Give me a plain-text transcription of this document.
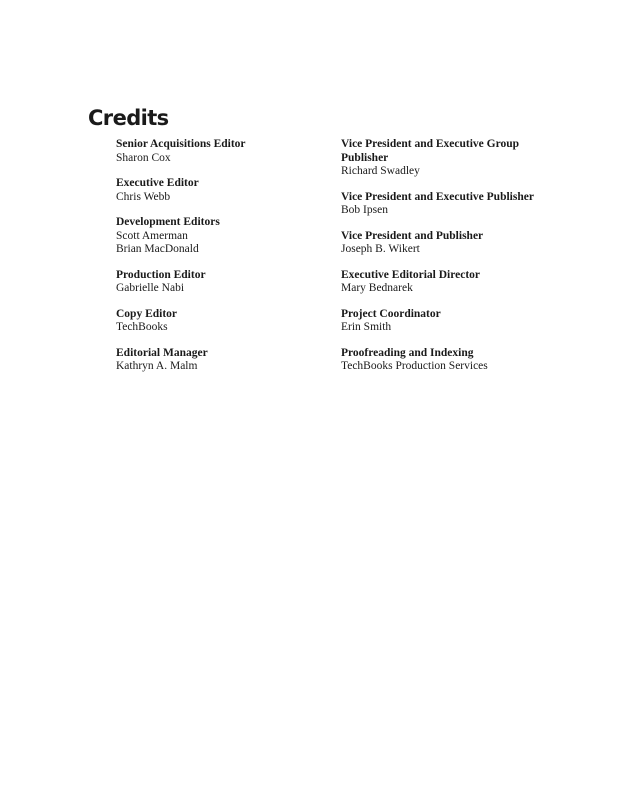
Credits
Senior Acquisitions Editor
Sharon Cox
Executive Editor
Chris Webb
Development Editors
Scott Amerman
Brian MacDonald
Production Editor
Gabrielle Nabi
Copy Editor
TechBooks
Editorial Manager
Kathryn A. Malm
Vice President and Executive Group Publisher
Richard Swadley
Vice President and Executive Publisher
Bob Ipsen
Vice President and Publisher
Joseph B. Wikert
Executive Editorial Director
Mary Bednarek
Project Coordinator
Erin Smith
Proofreading and Indexing
TechBooks Production Services
